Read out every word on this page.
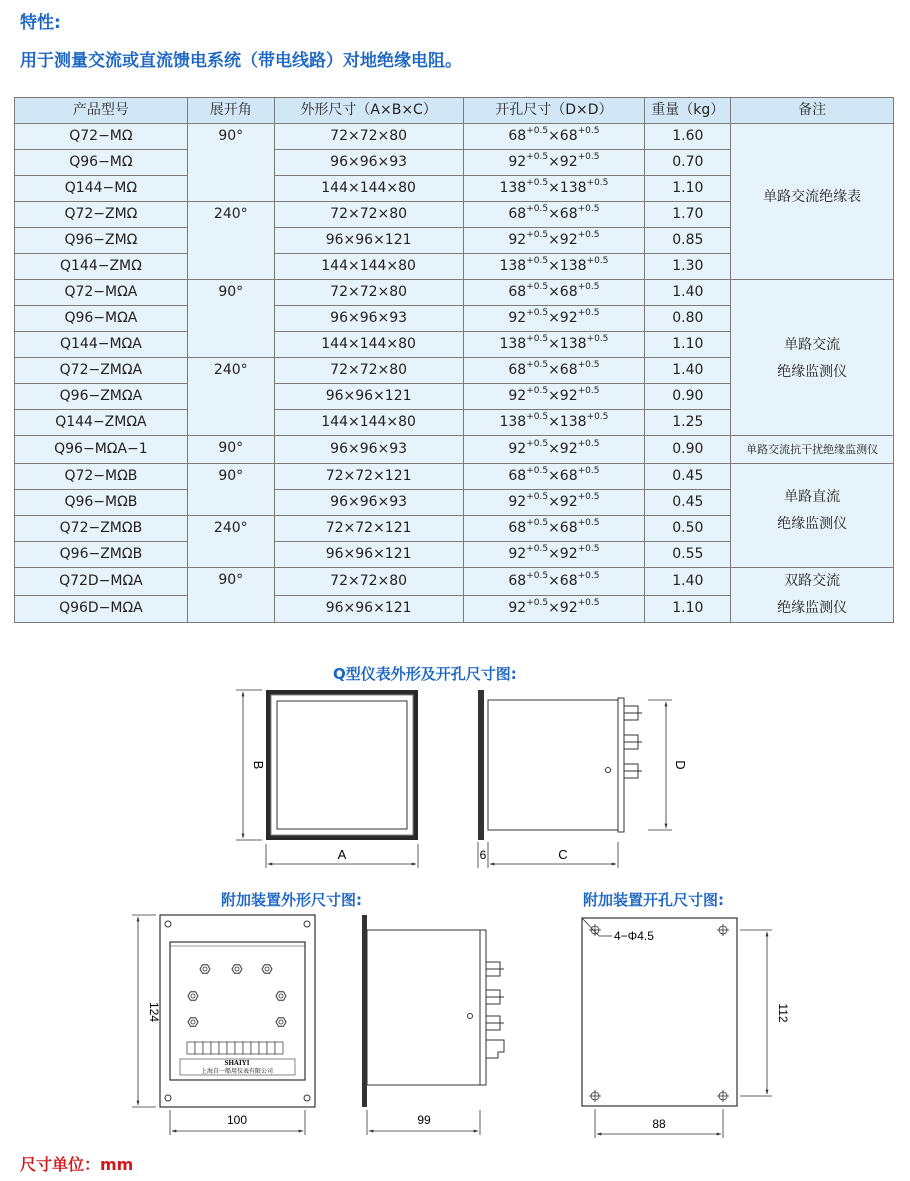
特性:
用于测量交流或直流馈电系统（带电线路）对地绝缘电阻。
产品型号	展开角	外形尺寸（A×B×C）	开孔尺寸（D×D）	重量（kg）	备注
Q72−MΩ	90°	72×72×80	$68^{+0.5}\times 68^{+0.5}$	1.60	单路交流绝缘表

Q96−MΩ		96×96×93	$92^{+0.5}\times 92^{+0.5}$	0.70	
Q144−MΩ		144×144×80	$138^{+0.5}\times 138^{+0.5}$	1.10	
Q72−ZMΩ	240°	72×72×80	$68^{+0.5}\times 68^{+0.5}$	1.70	
Q96−ZMΩ		96×96×121	$92^{+0.5}\times 92^{+0.5}$	0.85	
Q144−ZMΩ		144×144×80	$138^{+0.5}\times 138^{+0.5}$	1.30	
Q72−MΩA	90°	72×72×80	$68^{+0.5}\times 68^{+0.5}$	1.40	单路交流
绝缘监测仪

Q96−MΩA		96×96×93	$92^{+0.5}\times 92^{+0.5}$	0.80	
Q144−MΩA		144×144×80	$138^{+0.5}\times 138^{+0.5}$	1.10	
Q72−ZMΩA	240°	72×72×80	$68^{+0.5}\times 68^{+0.5}$	1.40	
Q96−ZMΩA		96×96×121	$92^{+0.5}\times 92^{+0.5}$	0.90	
Q144−ZMΩA		144×144×80	$138^{+0.5}\times 138^{+0.5}$	1.25	
Q96−MΩA−1	90°	96×96×93	$92^{+0.5}\times 92^{+0.5}$	0.90	单路交流抗干扰绝缘监测仪

Q72−MΩB	90°	72×72×121	$68^{+0.5}\times 68^{+0.5}$	0.45	单路直流
绝缘监测仪

Q96−MΩB		96×96×93	$92^{+0.5}\times 92^{+0.5}$	0.45	
Q72−ZMΩB	240°	72×72×121	$68^{+0.5}\times 68^{+0.5}$	0.50	
Q96−ZMΩB		96×96×121	$92^{+0.5}\times 92^{+0.5}$	0.55	
Q72D−MΩA	90°	72×72×80	$68^{+0.5}\times 68^{+0.5}$	1.40	双路交流
绝缘监测仪

Q96D−MΩA		96×96×121	$92^{+0.5}\times 92^{+0.5}$	1.10	
Q型仪表外形及开孔尺寸图:
附加装置外形尺寸图:	附加装置开孔尺寸图:
B
A
D
C
6
SHAIYI
上海自一船用仪表有限公司
124
100	99
4−Φ4.5
112
88
尺寸单位：mm
